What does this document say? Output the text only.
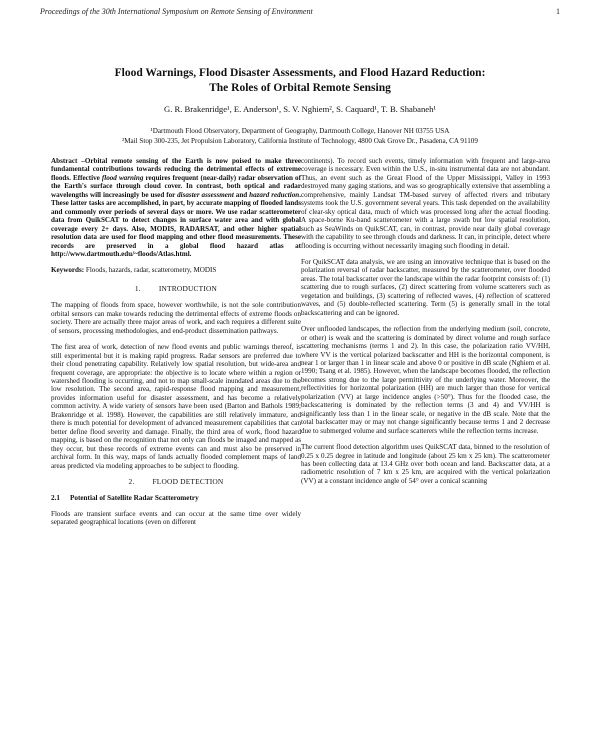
Proceedings of the 30th International Symposium on Remote Sensing of Environment	1
Flood Warnings, Flood Disaster Assessments, and Flood Hazard Reduction:
The Roles of Orbital Remote Sensing
G. R. Brakenridge¹, E. Anderson¹, S. V. Nghiem², S. Caquard¹, T. B. Shabaneh¹
¹Dartmouth Flood Observatory, Department of Geography, Dartmouth College, Hanover NH 03755 USA
²Mail Stop 300-235, Jet Propulsion Laboratory, California Institute of Technology, 4800 Oak Grove Dr., Pasadena, CA 91109

Abstract –Orbital remote sensing of the Earth is now poised to make three fundamental contributions towards reducing the detrimental effects of extreme floods. Effective flood warning requires frequent (near-daily) radar observation of the Earth's surface through cloud cover. In contrast, both optical and radar wavelengths will increasingly be used for disaster assessment and hazard reduction. These latter tasks are accomplished, in part, by accurate mapping of flooded lands and commonly over periods of several days or more. We use radar scatterometer data from QuikSCAT to detect changes in surface water area and with global coverage every 2+ days. Also, MODIS, RADARSAT, and other higher spatial resolution data are used for flood mapping and other flood measurements. These records are preserved in a global flood hazard atlas at http://www.dartmouth.edu/~floods/Atlas.html.

Keywords: Floods, hazards, radar, scatterometry, MODIS

1. INTRODUCTION

The mapping of floods from space, however worthwhile, is not the sole contribution orbital sensors can make towards reducing the detrimental effects of extreme floods on society. There are actually three major areas of work, and each requires a different suite of sensors, processing methodologies, and end-product dissemination pathways.

The first area of work, detection of new flood events and public warnings thereof, is still experimental but it is making rapid progress. Radar sensors are preferred due to their cloud penetrating capability. Relatively low spatial resolution, but wide-area and frequent coverage, are appropriate: the objective is to locate where within a region or watershed flooding is occurring, and not to map small-scale inundated areas due to the low resolution. The second area, rapid-response flood mapping and measurement, provides information useful for disaster assessment, and has become a relatively common activity. A wide variety of sensors have been used (Barton and Bathols 1989; Brakenridge et al. 1998). However, the capabilities are still relatively immature, and there is much potential for development of advanced measurement capabilities that can better define flood severity and damage. Finally, the third area of work, flood hazard mapping, is based on the recognition that not only can floods be imaged and mapped as they occur, but these records of extreme events can and must also be preserved in archival form. In this way, maps of lands actually flooded complement maps of land areas predicted via modeling approaches to be subject to flooding.

2. FLOOD DETECTION
2.1 Potential of Satellite Radar Scatterometry

Floods are transient surface events and can occur at the same time over widely separated geographical locations (even on different

continents). To record such events, timely information with frequent and large-area coverage is necessary. Even within the U.S., in-situ instrumental data are not abundant. Thus, an event such as the Great Flood of the Upper Mississippi, Valley in 1993 destroyed many gaging stations, and was so geographically extensive that assembling a comprehensive, mainly Landsat TM-based survey of affected rivers and tributary systems took the U.S. government several years. This task depended on the availability of clear-sky optical data, much of which was processed long after the actual flooding. A space-borne Ku-band scatterometer with a large swath but low spatial resolution, such as SeaWinds on QuikSCAT, can, in contrast, provide near daily global coverage with the capability to see through clouds and darkness. It can, in principle, detect where flooding is occurring without necessarily imaging such flooding in detail.

For QuikSCAT data analysis, we are using an innovative technique that is based on the polarization reversal of radar backscatter, measured by the scatterometer, over flooded areas. The total backscatter over the landscape within the radar footprint consists of: (1) scattering due to rough surfaces, (2) direct scattering from volume scatterers such as vegetation and buildings, (3) scattering of reflected waves, (4) reflection of scattered waves, and (5) double-reflected scattering. Term (5) is generally small in the total backscattering and can be ignored.

Over unflooded landscapes, the reflection from the underlying medium (soil, concrete, or other) is weak and the scattering is dominated by direct volume and rough surface scattering mechanisms (terms 1 and 2). In this case, the polarization ratio VV/HH, where VV is the vertical polarized backscatter and HH is the horizontal component, is near 1 or larger than 1 in linear scale and above 0 or positive in dB scale (Nghiem et al. 1990; Tsang et al. 1985). However, when the landscape becomes flooded, the reflection becomes strong due to the large permittivity of the underlying water. Moreover, the reflectivities for horizontal polarization (HH) are much larger than those for vertical polarization (VV) at large incidence angles (>50°). Thus for the flooded case, the backscattering is dominated by the reflection terms (3 and 4) and VV/HH is significantly less than 1 in the linear scale, or negative in the dB scale. Note that the total backscatter may or may not change significantly because terms 1 and 2 decrease due to submerged volume and surface scatterers while the reflection terms increase.

The current flood detection algorithm uses QuikSCAT data, binned to the resolution of 0.25 x 0.25 degree in latitude and longitude (about 25 km x 25 km). The scatterometer has been collecting data at 13.4 GHz over both ocean and land. Backscatter data, at a radiometric resolution of 7 km x 25 km, are acquired with the vertical polarization (VV) at a constant incidence angle of 54° over a conical scanning
